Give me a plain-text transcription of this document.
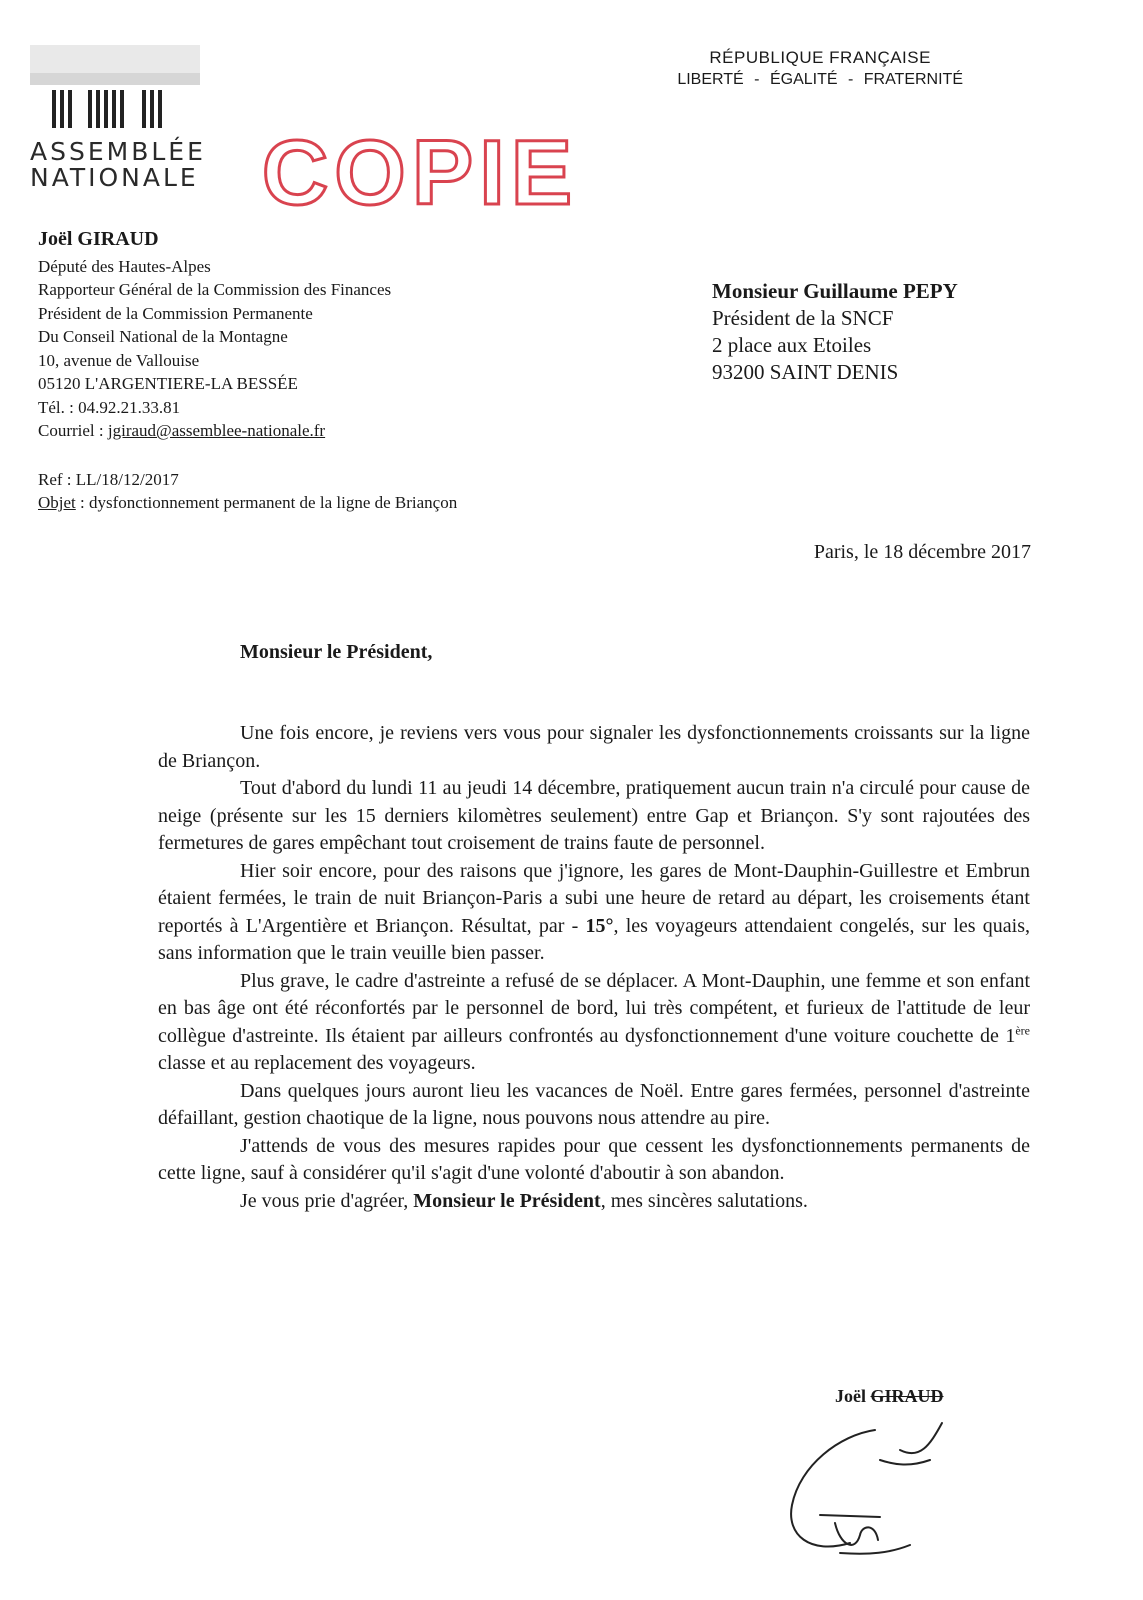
ASSEMBLÉE
NATIONALE
RÉPUBLIQUE FRANÇAISE
LIBERTÉ - ÉGALITÉ - FRATERNITÉ
COPIE
Joël GIRAUD
Député des Hautes-Alpes
Rapporteur Général de la Commission des Finances
Président de la Commission Permanente
Du Conseil National de la Montagne
10, avenue de Vallouise
05120 L'ARGENTIERE-LA BESSÉE
Tél. : 04.92.21.33.81
Courriel : jgiraud@assemblee-nationale.fr
Monsieur Guillaume PEPY
Président de la SNCF
2 place aux Etoiles
93200 SAINT DENIS
Ref : LL/18/12/2017
Objet : dysfonctionnement permanent de la ligne de Briançon
Paris, le 18 décembre 2017
Monsieur le Président,

Une fois encore, je reviens vers vous pour signaler les dysfonctionnements croissants sur la ligne de Briançon.

Tout d'abord du lundi 11 au jeudi 14 décembre, pratiquement aucun train n'a circulé pour cause de neige (présente sur les 15 derniers kilomètres seulement) entre Gap et Briançon. S'y sont rajoutées des fermetures de gares empêchant tout croisement de trains faute de personnel.

Hier soir encore, pour des raisons que j'ignore, les gares de Mont-Dauphin-Guillestre et Embrun étaient fermées, le train de nuit Briançon-Paris a subi une heure de retard au départ, les croisements étant reportés à L'Argentière et Briançon. Résultat, par - 15°, les voyageurs attendaient congelés, sur les quais, sans information que le train veuille bien passer.

Plus grave, le cadre d'astreinte a refusé de se déplacer. A Mont-Dauphin, une femme et son enfant en bas âge ont été réconfortés par le personnel de bord, lui très compétent, et furieux de l'attitude de leur collègue d'astreinte. Ils étaient par ailleurs confrontés au dysfonctionnement d'une voiture couchette de 1ère classe et au replacement des voyageurs.

Dans quelques jours auront lieu les vacances de Noël. Entre gares fermées, personnel d'astreinte défaillant, gestion chaotique de la ligne, nous pouvons nous attendre au pire.

J'attends de vous des mesures rapides pour que cessent les dysfonctionnements permanents de cette ligne, sauf à considérer qu'il s'agit d'une volonté d'aboutir à son abandon.

Je vous prie d'agréer, Monsieur le Président, mes sincères salutations.

Joël GIRAUD
